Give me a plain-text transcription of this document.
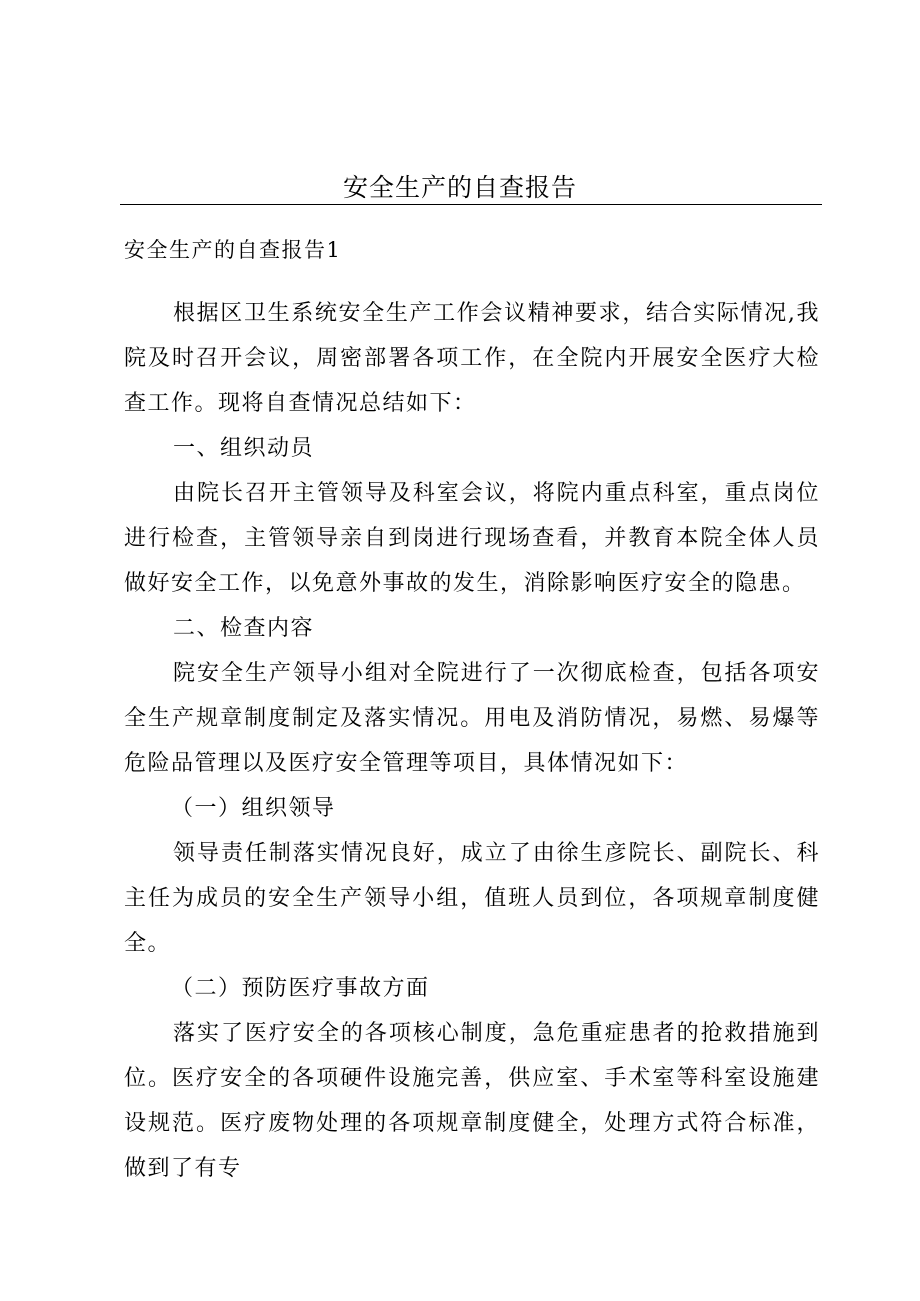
安全生产的自查报告

安全生产的自查报告1

根据区卫生系统安全生产工作会议精神要求，结合实际情况,我院及时召开会议，周密部署各项工作，在全院内开展安全医疗大检查工作。现将自查情况总结如下：

一、组织动员

由院长召开主管领导及科室会议，将院内重点科室，重点岗位进行检查，主管领导亲自到岗进行现场查看，并教育本院全体人员做好安全工作，以免意外事故的发生，消除影响医疗安全的隐患。

二、检查内容

院安全生产领导小组对全院进行了一次彻底检查，包括各项安全生产规章制度制定及落实情况。用电及消防情况，易燃、易爆等危险品管理以及医疗安全管理等项目，具体情况如下：

（一）组织领导

领导责任制落实情况良好，成立了由徐生彦院长、副院长、科主任为成员的安全生产领导小组，值班人员到位，各项规章制度健全。

（二）预防医疗事故方面

落实了医疗安全的各项核心制度，急危重症患者的抢救措施到位。医疗安全的各项硬件设施完善，供应室、手术室等科室设施建设规范。医疗废物处理的各项规章制度健全，处理方式符合标准，做到了有专
